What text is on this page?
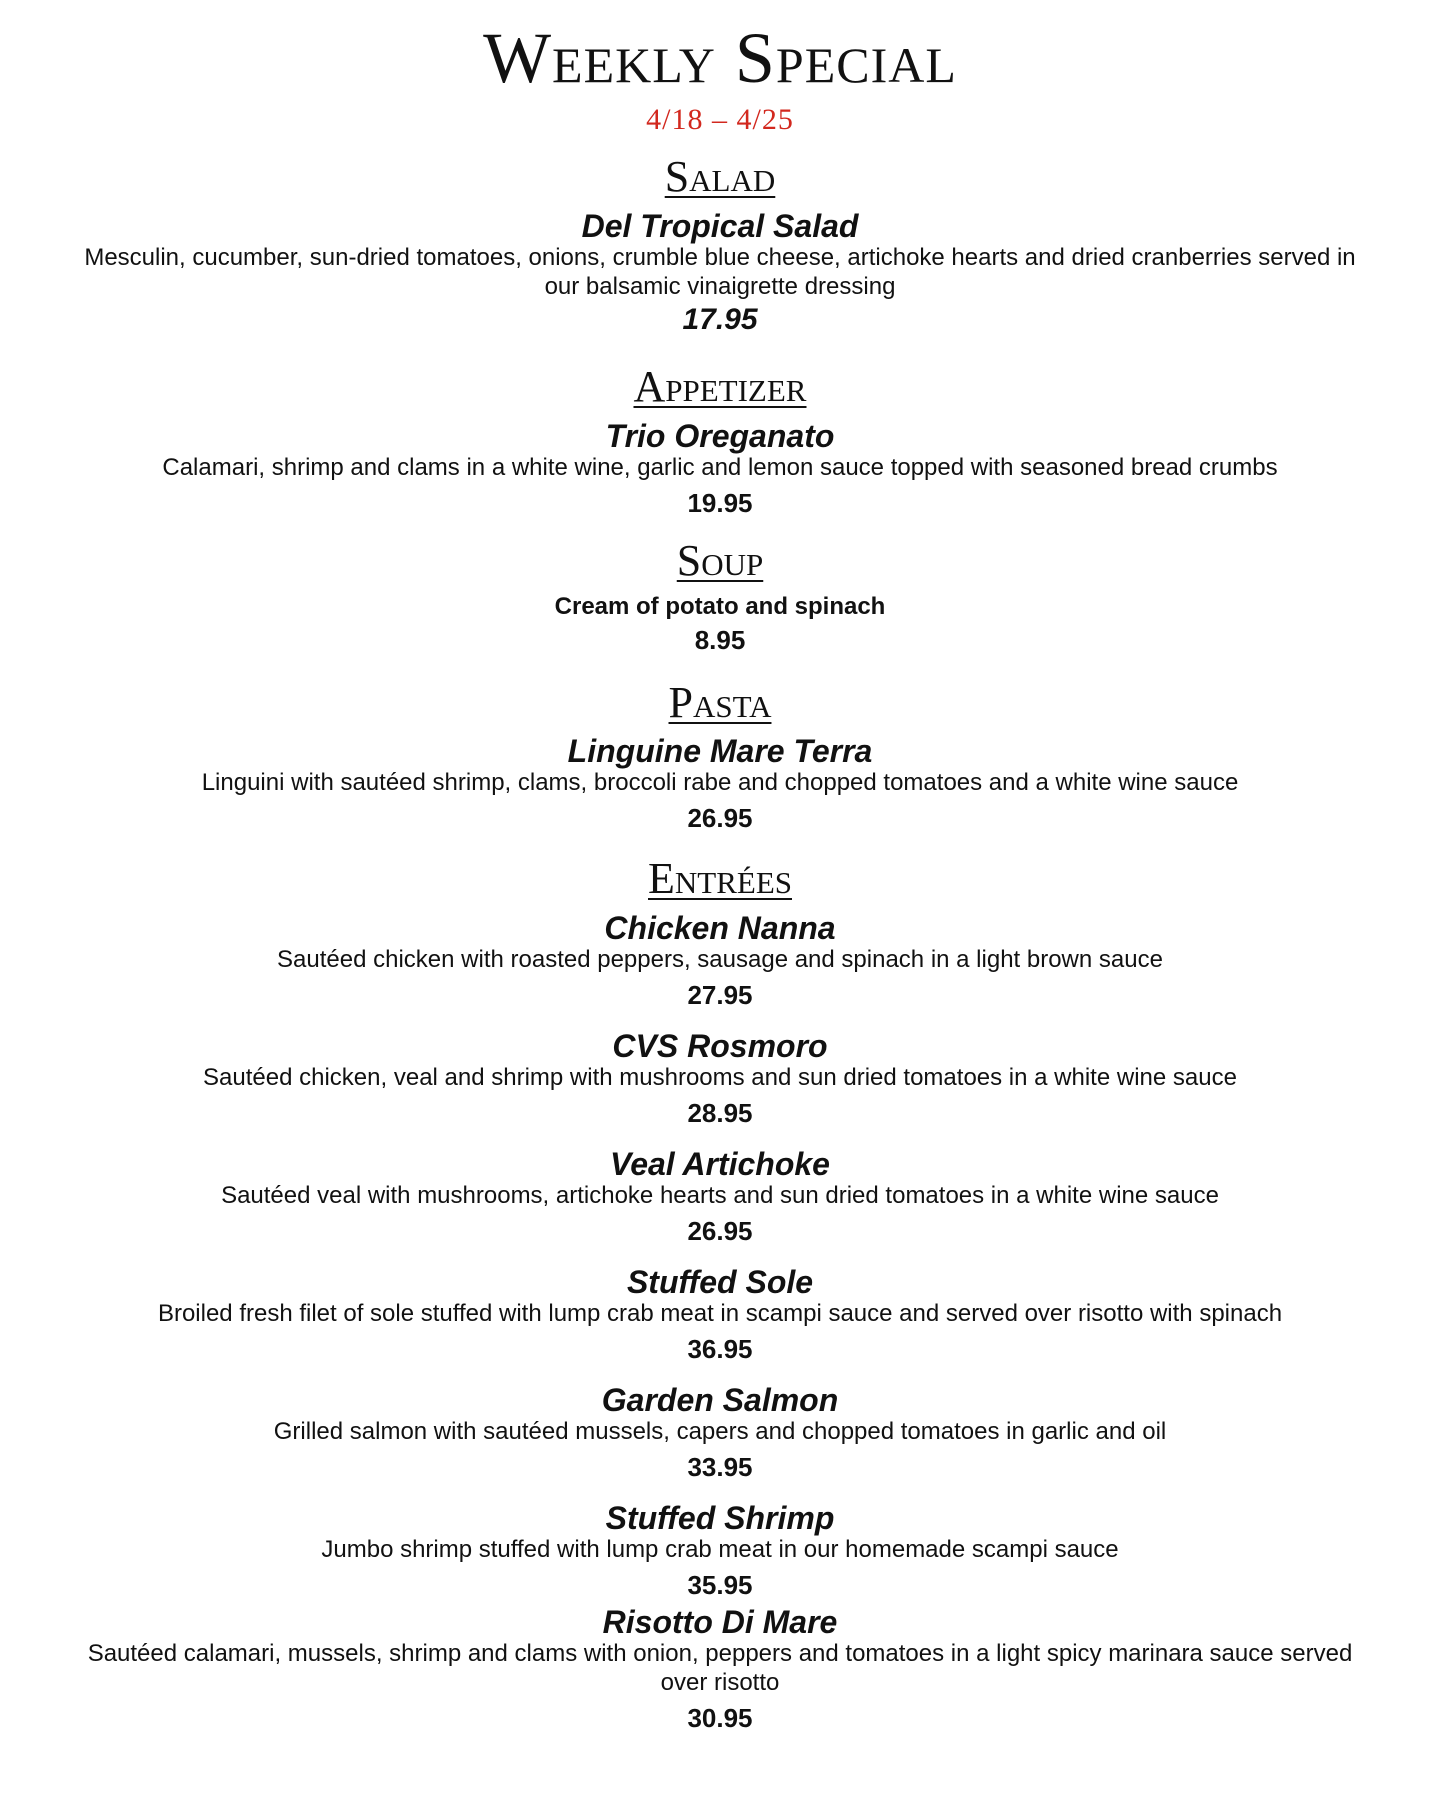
Weekly Special
4/18 – 4/25
Salad
Del Tropical Salad
Mesculin, cucumber, sun-dried tomatoes, onions, crumble blue cheese, artichoke hearts and dried cranberries served in our balsamic vinaigrette dressing
17.95
Appetizer
Trio Oreganato
Calamari, shrimp and clams in a white wine, garlic and lemon sauce topped with seasoned bread crumbs
19.95
Soup
Cream of potato and spinach
8.95
Pasta
Linguine Mare Terra
Linguini with sautéed shrimp, clams, broccoli rabe and chopped tomatoes and a white wine sauce
26.95
Entrées
Chicken Nanna
Sautéed chicken with roasted peppers, sausage and spinach in a light brown sauce
27.95
CVS Rosmoro
Sautéed chicken, veal and shrimp with mushrooms and sun dried tomatoes in a white wine sauce
28.95
Veal Artichoke
Sautéed veal with mushrooms, artichoke hearts and sun dried tomatoes in a white wine sauce
26.95
Stuffed Sole
Broiled fresh filet of sole stuffed with lump crab meat in scampi sauce and served over risotto with spinach
36.95
Garden Salmon
Grilled salmon with sautéed mussels, capers and chopped tomatoes in garlic and oil
33.95
Stuffed Shrimp
Jumbo shrimp stuffed with lump crab meat in our homemade scampi sauce
35.95
Risotto Di Mare
Sautéed calamari, mussels, shrimp and clams with onion, peppers and tomatoes in a light spicy marinara sauce served over risotto
30.95
